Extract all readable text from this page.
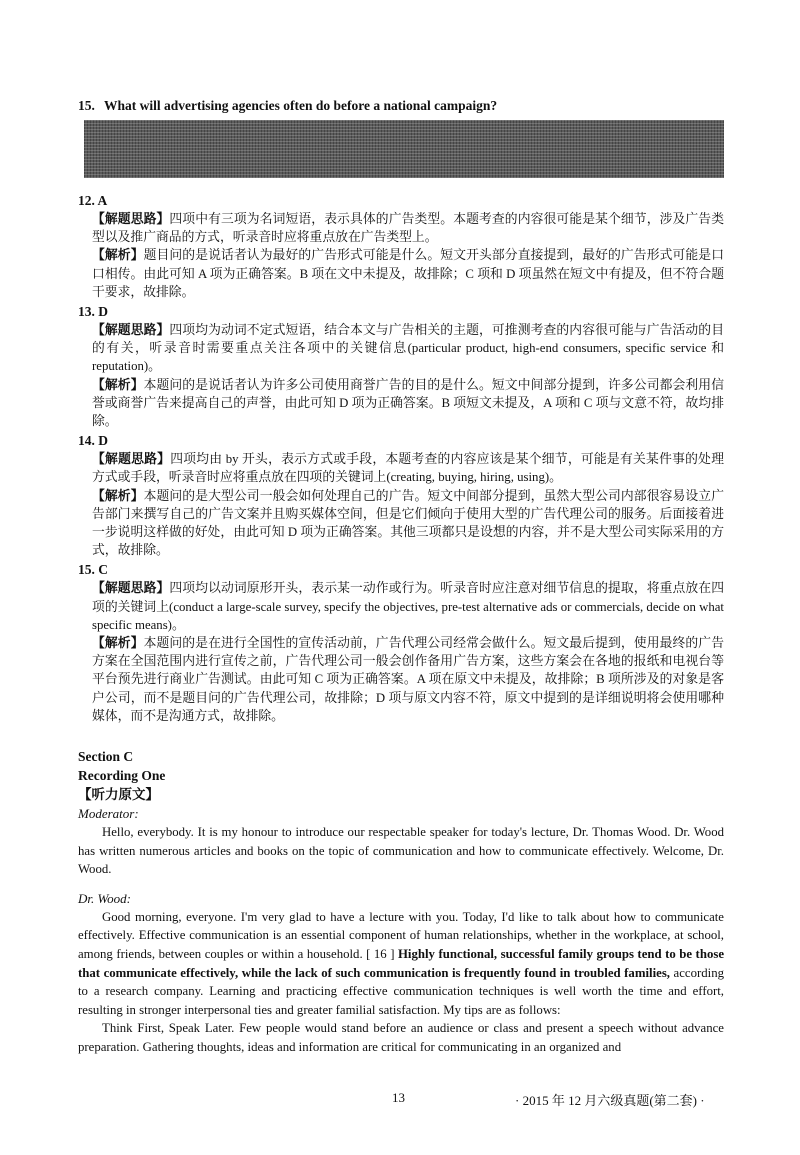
15. What will advertising agencies often do before a national campaign?
12. A
【解题思路】四项中有三项为名词短语，表示具体的广告类型。本题考查的内容很可能是某个细节，涉及广告类型以及推广商品的方式，听录音时应将重点放在广告类型上。
【解析】题目问的是说话者认为最好的广告形式可能是什么。短文开头部分直接提到，最好的广告形式可能是口口相传。由此可知 A 项为正确答案。B 项在文中未提及，故排除；C 项和 D 项虽然在短文中有提及，但不符合题干要求，故排除。
13. D
【解题思路】四项均为动词不定式短语，结合本文与广告相关的主题，可推测考查的内容很可能与广告活动的目的有关，听录音时需要重点关注各项中的关键信息(particular product, high-end consumers, specific service 和 reputation)。
【解析】本题问的是说话者认为许多公司使用商誉广告的目的是什么。短文中间部分提到，许多公司都会利用信誉或商誉广告来提高自己的声誉，由此可知 D 项为正确答案。B 项短文未提及，A 项和 C 项与文意不符，故均排除。
14. D
【解题思路】四项均由 by 开头，表示方式或手段，本题考查的内容应该是某个细节，可能是有关某件事的处理方式或手段，听录音时应将重点放在四项的关键词上(creating, buying, hiring, using)。
【解析】本题问的是大型公司一般会如何处理自己的广告。短文中间部分提到，虽然大型公司内部很容易设立广告部门来撰写自己的广告文案并且购买媒体空间，但是它们倾向于使用大型的广告代理公司的服务。后面接着进一步说明这样做的好处，由此可知 D 项为正确答案。其他三项都只是设想的内容，并不是大型公司实际采用的方式，故排除。
15. C
【解题思路】四项均以动词原形开头，表示某一动作或行为。听录音时应注意对细节信息的提取，将重点放在四项的关键词上(conduct a large-scale survey, specify the objectives, pre-test alternative ads or commercials, decide on what specific means)。
【解析】本题问的是在进行全国性的宣传活动前，广告代理公司经常会做什么。短文最后提到，使用最终的广告方案在全国范围内进行宣传之前，广告代理公司一般会创作备用广告方案，这些方案会在各地的报纸和电视台等平台预先进行商业广告测试。由此可知 C 项为正确答案。A 项在原文中未提及，故排除；B 项所涉及的对象是客户公司，而不是题目问的广告代理公司，故排除；D 项与原文内容不符，原文中提到的是详细说明将会使用哪种媒体，而不是沟通方式，故排除。
Section C
Recording One
【听力原文】
Moderator:

Hello, everybody. It is my honour to introduce our respectable speaker for today's lecture, Dr. Thomas Wood. Dr. Wood has written numerous articles and books on the topic of communication and how to communicate effectively. Welcome, Dr. Wood.

Dr. Wood:

Good morning, everyone. I'm very glad to have a lecture with you. Today, I'd like to talk about how to communicate effectively. Effective communication is an essential component of human relationships, whether in the workplace, at school, among friends, between couples or within a household. [ 16 ] Highly functional, successful family groups tend to be those that communicate effectively, while the lack of such communication is frequently found in troubled families, according to a research company. Learning and practicing effective communication techniques is well worth the time and effort, resulting in stronger interpersonal ties and greater familial satisfaction. My tips are as follows:

Think First, Speak Later. Few people would stand before an audience or class and present a speech without advance preparation. Gathering thoughts, ideas and information are critical for communicating in an organized and

13	· 2015 年 12 月六级真题(第二套) ·
